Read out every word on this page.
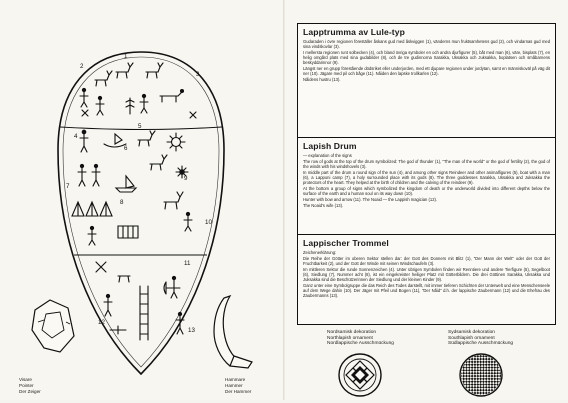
1
2
3
4
5
6
7
8
9
10
11
12
13
Visare
Pointer
Der Zeiger
Hammare
Hammer
Der Hammer
Lapptrumma av Lule-typ

Gudaraden i övre regionen föreställer åskans gud med åskviggen (1), vänderns mun fruktsamhetens gud (2), och vindarnas gud med sina vindskovlar (3).

I mellersta regionen runt solbecken (4), och bland övriga symboler en och andra djurfigurer (5), båt med man (6), väre, bisplats (7), en helig omgård plats med sina gudabilder (8), och de tre gudinnorna Sarakka, Uksakka och Juksakka, boplatsen och småbarnens beskyddarinnor (9).

Längst ner en grupp förestående dödsriket eller underjorden, med ett djupare regionen under jordytan, samt en människoväl på väg dit ner (10). Jägare med pil och båge (11). Nåiden den lapske trollkarlen (12).

Nåidens hustru (13).

Lapish Drum

— explanation of the signs

The row of gods at the top of the drum symbolized: The god of thunder (1), "The man of the world" or the god of fertility (2), the god of the winds with his windshovels (3).

In middle part of the drum a round sign of the sun (4), and among other signs Reindeer and other animalfigures (5), boat with a man (6), a Lapponi camp (7), a holy surrounded place with its gods (8). The three goddesses Sarakka, Uksakka and Juksakka the protectors of the heart. They helped at the birth of children and the calving of the reindeer (9).

At the bottom a group of signs which symbolized the kingdom of death or the underworld divided into different depths below the surface of the earth and a human soul on its way down (10).

Hunter with bow and arrow (11). The Noaid — the Lappish magician (12).

The Noaid's wife (13).

Lappischer Trommel

Zeichenerklärung:

Die Reihe der Götter im oberen Sektor stellen dar: der Gott des Donners mit Blitz (1), "Der Mann der Welt" oder der Gott der Fruchtbarkeit (2), und der Gott der Winde mit seinen Windschaufeln (3).

Im mittleren Sektor die runde Sonnenzeichen (4). Unter übrigen Symbolen finden wir Renntiere und andere Tierfigure (5), Segelboot (6), Siedlung (7), Nummer acht (8), ist ein eingekreister heiliger Platz mit Götterbildern. Die drei Göttinen Sarakka, Uksakka und Juksakka sind die Beschützerinnen der Siedlung und der kleinen Kinder (9).

Ganz unter eine Symbolgruppe die das Reich des Todes darstellt, mit immer tieferen Schichten der Unterwelt und eine Menschenseele auf dem Wege dahin (10). Der Jäger mit Pfeil und Bogen (11), "Der Nåid" d.h. der lappische Zaubermann (12) und die Ehefrau des Zaubermanns (13).

Nordsamisk dekoration
Northlapish ornament
Nordlappische Ausschmückung
Sydsamisk dekoration
Southlapish ornament
Südlappische Ausschmückung
